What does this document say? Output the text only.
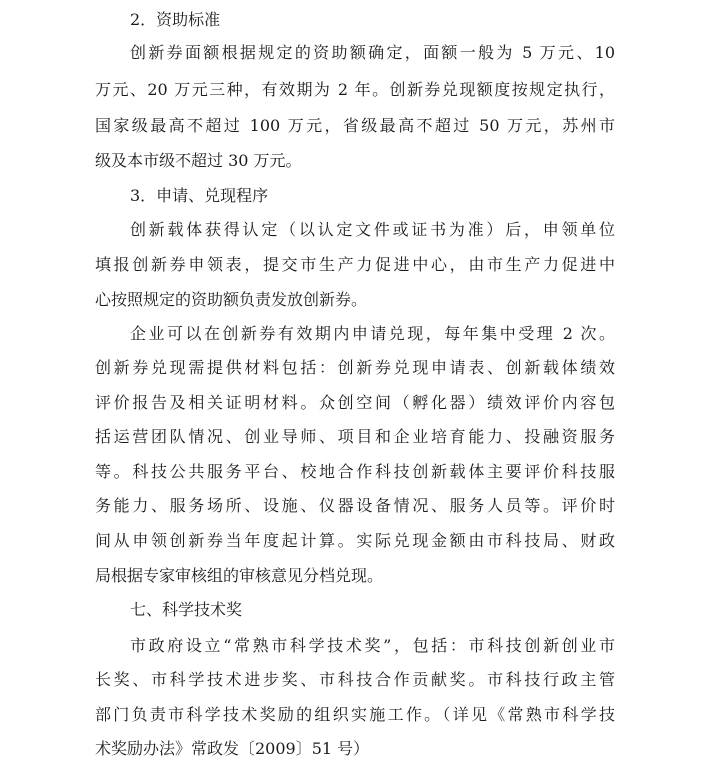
2．资助标准
创新券面额根据规定的资助额确定，面额一般为 5 万元、10
万元、20 万元三种，有效期为 2 年。创新券兑现额度按规定执行，
国家级最高不超过 100 万元，省级最高不超过 50 万元，苏州市
级及本市级不超过 30 万元。
3．申请、兑现程序
创新载体获得认定（以认定文件或证书为准）后，申领单位
填报创新券申领表，提交市生产力促进中心，由市生产力促进中
心按照规定的资助额负责发放创新券。
企业可以在创新券有效期内申请兑现，每年集中受理 2 次。
创新券兑现需提供材料包括：创新券兑现申请表、创新载体绩效
评价报告及相关证明材料。众创空间（孵化器）绩效评价内容包
括运营团队情况、创业导师、项目和企业培育能力、投融资服务
等。科技公共服务平台、校地合作科技创新载体主要评价科技服
务能力、服务场所、设施、仪器设备情况、服务人员等。评价时
间从申领创新券当年度起计算。实际兑现金额由市科技局、财政
局根据专家审核组的审核意见分档兑现。
七、科学技术奖
市政府设立“常熟市科学技术奖”，包括：市科技创新创业市
长奖、市科学技术进步奖、市科技合作贡献奖。市科技行政主管
部门负责市科学技术奖励的组织实施工作。（详见《常熟市科学技
术奖励办法》常政发〔2009〕51 号）
